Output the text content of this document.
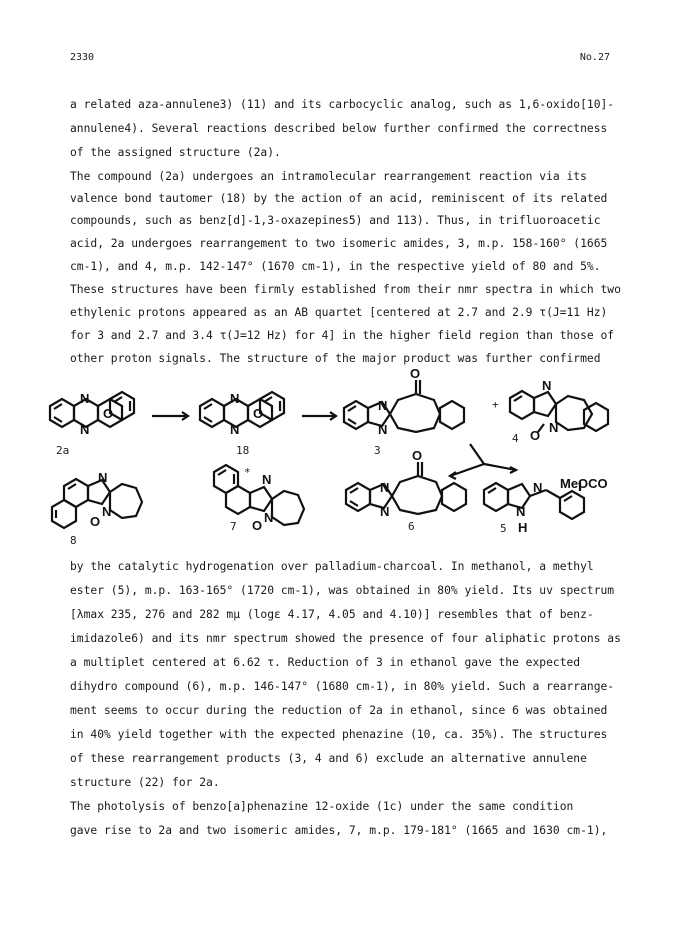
2330	No.27
a related aza-annulene3) (11) and its carbocyclic analog, such as 1,6-oxido[10]-
annulene4). Several reactions described below further confirmed the correctness
of the assigned structure (2a).
The compound (2a) undergoes an intramolecular rearrangement reaction via its
valence bond tautomer (18) by the action of an acid, reminiscent of its related
compounds, such as benz[d]-1,3-oxazepines5) and 113). Thus, in trifluoroacetic
acid, 2a undergoes rearrangement to two isomeric amides, 3, m.p. 158-160° (1665
cm-1), and 4, m.p. 142-147° (1670 cm-1), in the respective yield of 80 and 5%.
These structures have been firmly established from their nmr spectra in which two
ethylenic protons appeared as an AB quartet [centered at 2.7 and 2.9 τ(J=11 Hz)
for 3 and 2.7 and 3.4 τ(J=12 Hz) for 4] in the higher field region than those of
other proton signals. The structure of the major product was further confirmed
N
N
O
N
N
O
O
N
N
+
N
N
O
N
N
O
N
N
O
*
O
N
N
N
N
H
MeOCO
2a	18	3
4
8
7	6	5
by the catalytic hydrogenation over palladium-charcoal. In methanol, a methyl
ester (5), m.p. 163-165° (1720 cm-1), was obtained in 80% yield. Its uv spectrum
[λmax 235, 276 and 282 mμ (logε 4.17, 4.05 and 4.10)] resembles that of benz-
imidazole6) and its nmr spectrum showed the presence of four aliphatic protons as
a multiplet centered at 6.62 τ. Reduction of 3 in ethanol gave the expected
dihydro compound (6), m.p. 146-147° (1680 cm-1), in 80% yield. Such a rearrange-
ment seems to occur during the reduction of 2a in ethanol, since 6 was obtained
in 40% yield together with the expected phenazine (10, ca. 35%). The structures
of these rearrangement products (3, 4 and 6) exclude an alternative annulene
structure (22) for 2a.
The photolysis of benzo[a]phenazine 12-oxide (1c) under the same condition
gave rise to 2a and two isomeric amides, 7, m.p. 179-181° (1665 and 1630 cm-1),
